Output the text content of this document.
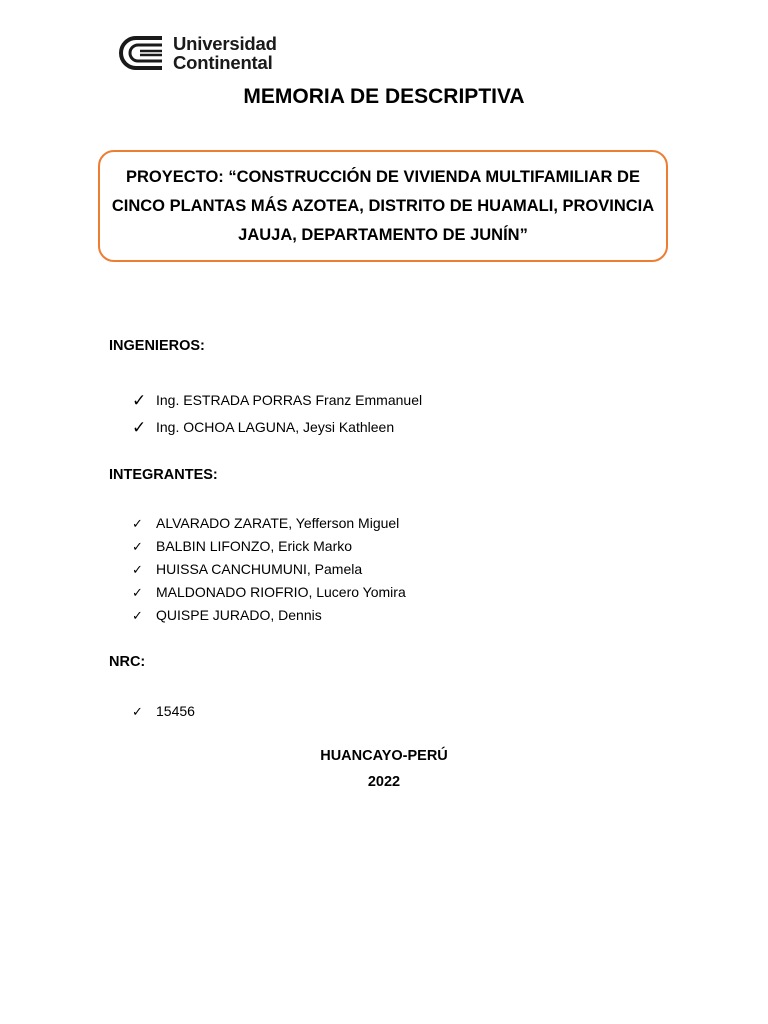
Universidad
Continental
MEMORIA DE DESCRIPTIVA

PROYECTO: “CONSTRUCCIÓN DE VIVIENDA MULTIFAMILIAR DE CINCO PLANTAS MÁS AZOTEA, DISTRITO DE HUAMALI, PROVINCIA JAUJA, DEPARTAMENTO DE JUNÍN”

INGENIEROS:
✓ Ing. ESTRADA PORRAS Franz Emmanuel
✓ Ing. OCHOA LAGUNA, Jeysi Kathleen
INTEGRANTES:
✓ ALVARADO ZARATE, Yefferson Miguel
✓ BALBIN LIFONZO, Erick Marko
✓ HUISSA CANCHUMUNI, Pamela
✓ MALDONADO RIOFRIO, Lucero Yomira
✓ QUISPE JURADO, Dennis
NRC:
✓ 15456

HUANCAYO-PERÚ

2022
